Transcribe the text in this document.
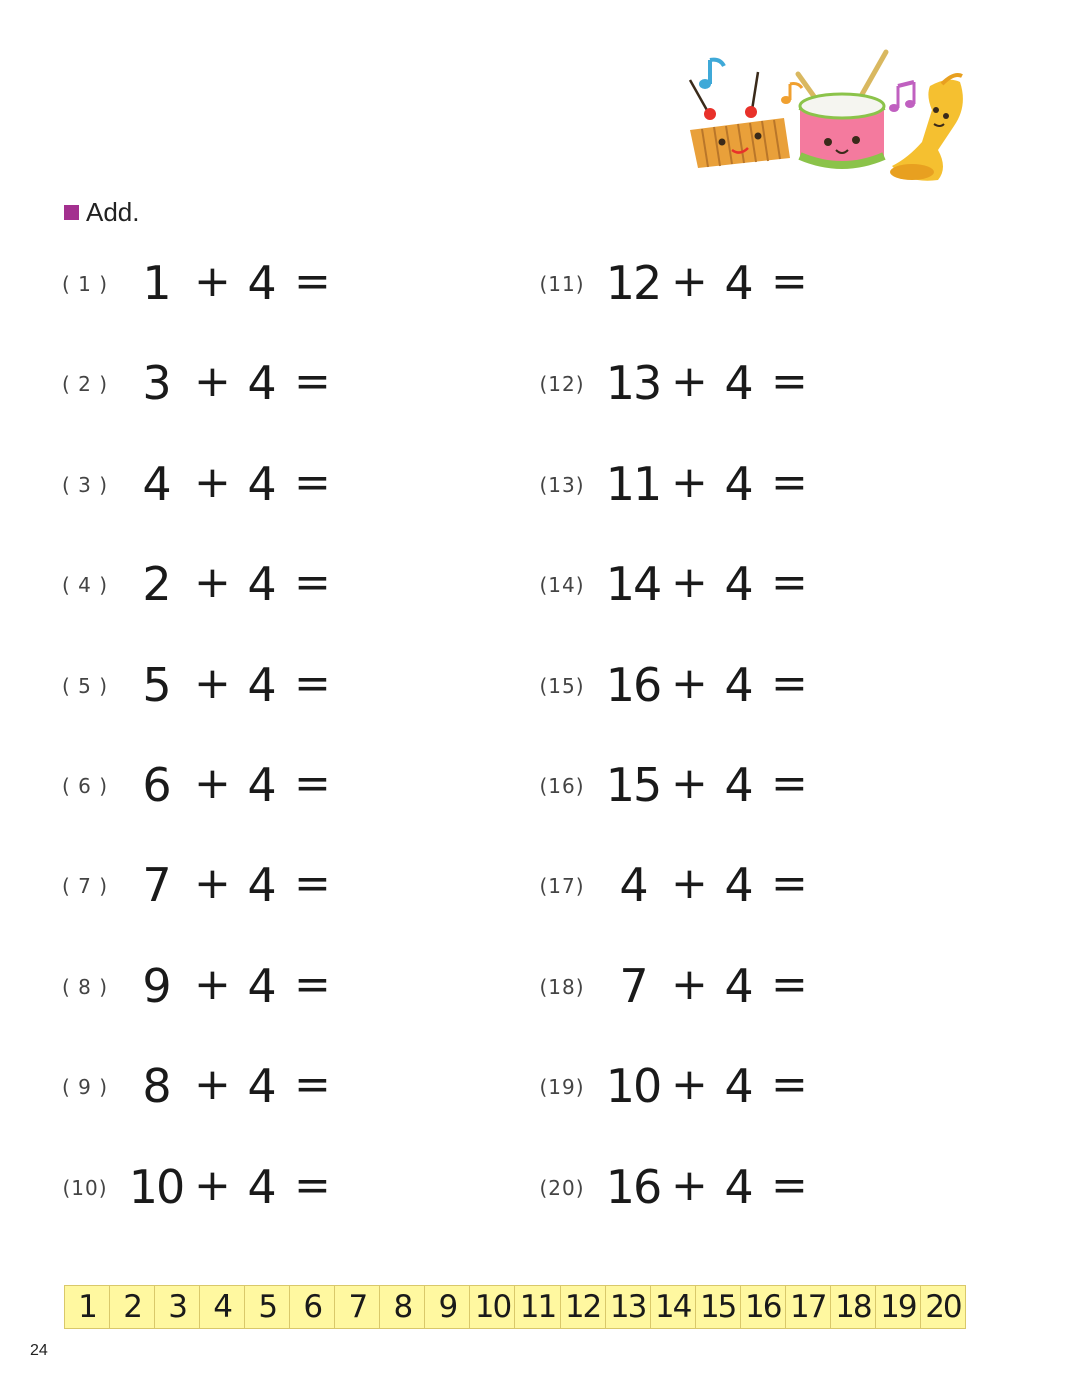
Add.
( 1 ) 1 + 4 =
( 2 ) 3 + 4 =
( 3 ) 4 + 4 =
( 4 ) 2 + 4 =
( 5 ) 5 + 4 =
( 6 ) 6 + 4 =
( 7 ) 7 + 4 =
( 8 ) 9 + 4 =
( 9 ) 8 + 4 =
(10) 10 + 4 =
(11) 12 + 4 =
(12) 13 + 4 =
(13) 11 + 4 =
(14) 14 + 4 =
(15) 16 + 4 =
(16) 15 + 4 =
(17) 4 + 4 =
(18) 7 + 4 =
(19) 10 + 4 =
(20) 16 + 4 =
1 2 3 4 5 6 7 8 9 10 11 12 13 14 15 16 17 18 19 20
24
